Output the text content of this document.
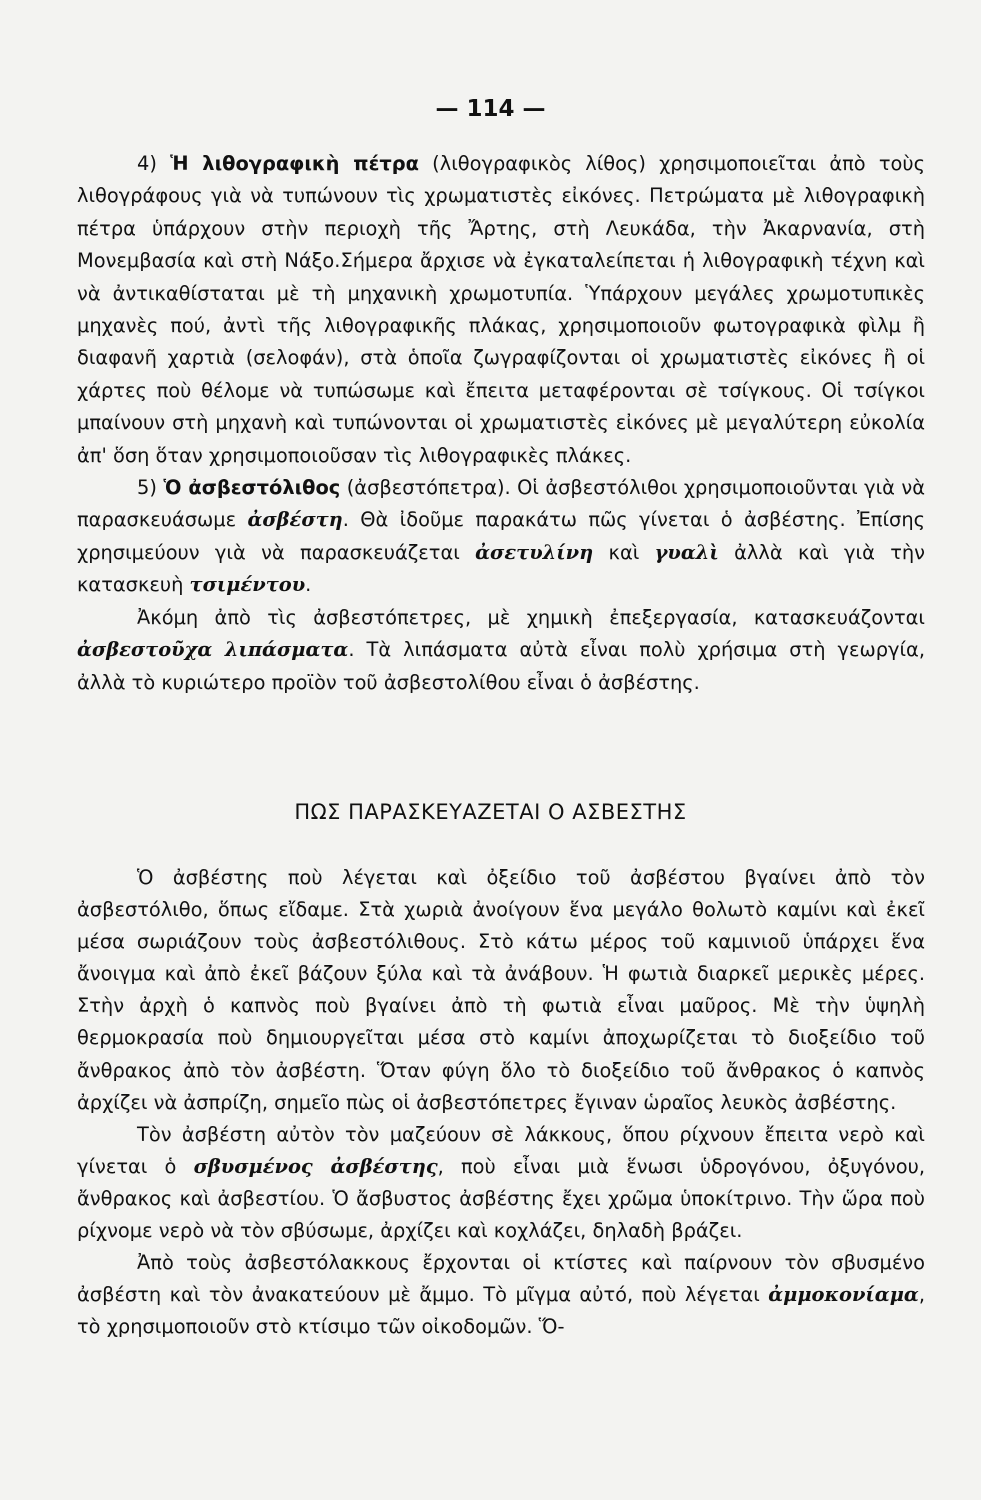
— 114 —

4) Ἡ λιθογραφικὴ πέτρα (λιθογραφικὸς λίθος) χρησιμοποιεῖται ἀπὸ τοὺς λιθογράφους γιὰ νὰ τυπώνουν τὶς χρωματιστὲς εἰκόνες. Πετρώματα μὲ λιθογραφικὴ πέτρα ὑπάρχουν στὴν περιοχὴ τῆς Ἄρτης, στὴ Λευκάδα, τὴν Ἀκαρνανία, στὴ Μονεμβασία καὶ στὴ Νάξο.Σήμερα ἄρχισε νὰ ἐγκαταλείπεται ἡ λιθογραφικὴ τέχνη καὶ νὰ ἀντικαθίσταται μὲ τὴ μηχανικὴ χρωμοτυπία. Ὑπάρχουν μεγάλες χρωμοτυπικὲς μηχανὲς πού, ἀντὶ τῆς λιθογραφικῆς πλάκας, χρησιμοποιοῦν φωτογραφικὰ φὶλμ ἢ διαφανῆ χαρτιὰ (σελοφάν), στὰ ὁποῖα ζωγραφίζονται οἱ χρωματιστὲς εἰκόνες ἢ οἱ χάρτες ποὺ θέλομε νὰ τυπώσωμε καὶ ἔπειτα μεταφέρονται σὲ τσίγκους. Οἱ τσίγκοι μπαίνουν στὴ μηχανὴ καὶ τυπώνονται οἱ χρωματιστὲς εἰκόνες μὲ μεγαλύτερη εὐκολία ἀπ' ὅση ὅταν χρησιμοποιοῦσαν τὶς λιθογραφικὲς πλάκες.

5) Ὁ ἀσβεστόλιθος (ἀσβεστόπετρα). Οἱ ἀσβεστόλιθοι χρησιμοποιοῦνται γιὰ νὰ παρασκευάσωμε ἀσβέστη. Θὰ ἰδοῦμε παρακάτω πῶς γίνεται ὁ ἀσβέστης. Ἐπίσης χρησιμεύουν γιὰ νὰ παρασκευάζεται ἀσετυλίνη καὶ γυαλὶ ἀλλὰ καὶ γιὰ τὴν κατασκευὴ τσιμέντου.

Ἀκόμη ἀπὸ τὶς ἀσβεστόπετρες, μὲ χημικὴ ἐπεξεργασία, κατασκευάζονται ἀσβεστοῦχα λιπάσματα. Τὰ λιπάσματα αὐτὰ εἶναι πολὺ χρήσιμα στὴ γεωργία, ἀλλὰ τὸ κυριώτερο προϊὸν τοῦ ἀσβεστολίθου εἶναι ὁ ἀσβέστης.

ΠΩΣ ΠΑΡΑΣΚΕΥΑΖΕΤΑΙ Ο ΑΣΒΕΣΤΗΣ

Ὁ ἀσβέστης ποὺ λέγεται καὶ ὀξείδιο τοῦ ἀσβέστου βγαίνει ἀπὸ τὸν ἀσβεστόλιθο, ὅπως εἴδαμε. Στὰ χωριὰ ἀνοίγουν ἕνα μεγάλο θολωτὸ καμίνι καὶ ἐκεῖ μέσα σωριάζουν τοὺς ἀσβεστόλιθους. Στὸ κάτω μέρος τοῦ καμινιοῦ ὑπάρχει ἕνα ἄνοιγμα καὶ ἀπὸ ἐκεῖ βάζουν ξύλα καὶ τὰ ἀνάβουν. Ἡ φωτιὰ διαρκεῖ μερικὲς μέρες. Στὴν ἀρχὴ ὁ καπνὸς ποὺ βγαίνει ἀπὸ τὴ φωτιὰ εἶναι μαῦρος. Μὲ τὴν ὑψηλὴ θερμοκρασία ποὺ δημιουργεῖται μέσα στὸ καμίνι ἀποχωρίζεται τὸ διοξείδιο τοῦ ἄνθρακος ἀπὸ τὸν ἀσβέστη. Ὅταν φύγη ὅλο τὸ διοξείδιο τοῦ ἄνθρακος ὁ καπνὸς ἀρχίζει νὰ ἀσπρίζη, σημεῖο πὼς οἱ ἀσβεστόπετρες ἔγιναν ὡραῖος λευκὸς ἀσβέστης.

Τὸν ἀσβέστη αὐτὸν τὸν μαζεύουν σὲ λάκκους, ὅπου ρίχνουν ἔπειτα νερὸ καὶ γίνεται ὁ σβυσμένος ἀσβέστης, ποὺ εἶναι μιὰ ἕνωσι ὑδρογόνου, ὀξυγόνου, ἄνθρακος καὶ ἀσβεστίου. Ὁ ἄσβυστος ἀσβέστης ἔχει χρῶμα ὑποκίτρινο. Τὴν ὥρα ποὺ ρίχνομε νερὸ νὰ τὸν σβύσωμε, ἀρχίζει καὶ κοχλάζει, δηλαδὴ βράζει.

Ἀπὸ τοὺς ἀσβεστόλακκους ἔρχονται οἱ κτίστες καὶ παίρνουν τὸν σβυσμένο ἀσβέστη καὶ τὸν ἀνακατεύουν μὲ ἄμμο. Τὸ μῖγμα αὐτό, ποὺ λέγεται ἀμμοκονίαμα, τὸ χρησιμοποιοῦν στὸ κτίσιμο τῶν οἰκοδομῶν. Ὅ-
